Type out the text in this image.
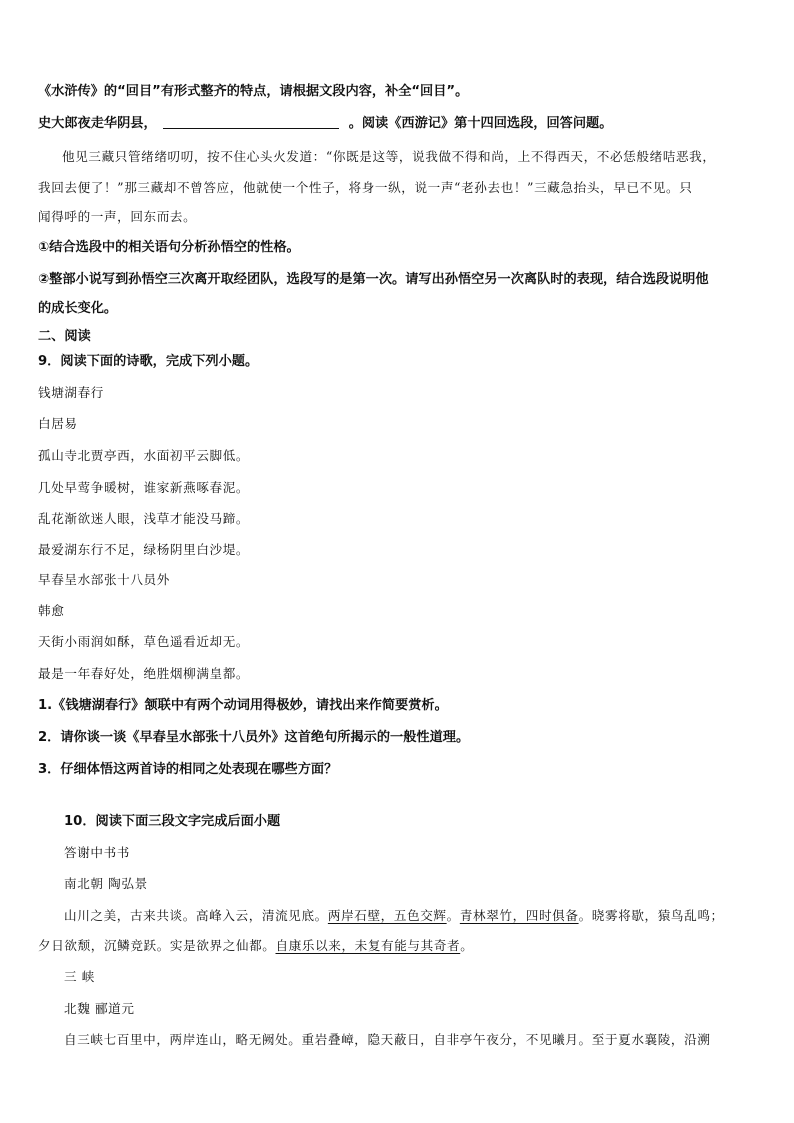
《水浒传》的“回目”有形式整齐的特点，请根据文段内容，补全“回目”。
史大郎夜走华阴县，	。阅读《西游记》第十四回选段，回答问题。
他见三藏只管绪绪叨叨，按不住心头火发道：“你既是这等，说我做不得和尚，上不得西天，不必恁般绪咭恶我，
我回去便了！”那三藏却不曾答应，他就使一个性子，将身一纵，说一声“老孙去也！”三藏急抬头，早已不见。只
闻得呼的一声，回东而去。
①结合选段中的相关语句分析孙悟空的性格。
②整部小说写到孙悟空三次离开取经团队，选段写的是第一次。请写出孙悟空另一次离队时的表现，结合选段说明他
的成长变化。
二、阅读
9．阅读下面的诗歌，完成下列小题。
钱塘湖春行
白居易
孤山寺北贾亭西，水面初平云脚低。
几处早莺争暖树，谁家新燕啄春泥。
乱花渐欲迷人眼，浅草才能没马蹄。
最爱湖东行不足，绿杨阴里白沙堤。
早春呈水部张十八员外
韩愈
天街小雨润如酥，草色遥看近却无。
最是一年春好处，绝胜烟柳满皇都。
1.《钱塘湖春行》颔联中有两个动词用得极妙，请找出来作简要赏析。
2．请你谈一谈《早春呈水部张十八员外》这首绝句所揭示的一般性道理。
3．仔细体悟这两首诗的相同之处表现在哪些方面？
10．阅读下面三段文字完成后面小题
答谢中书书
南北朝 陶弘景
山川之美，古来共谈。高峰入云，清流见底。两岸石壁，五色交辉。青林翠竹，四时俱备。晓雾将歇，猿鸟乱鸣；
夕日欲颓，沉鳞竞跃。实是欲界之仙都。自康乐以来，未复有能与其奇者。
三 峡
北魏 郦道元
自三峡七百里中，两岸连山，略无阙处。重岩叠嶂，隐天蔽日，自非亭午夜分，不见曦月。至于夏水襄陵，沿溯
